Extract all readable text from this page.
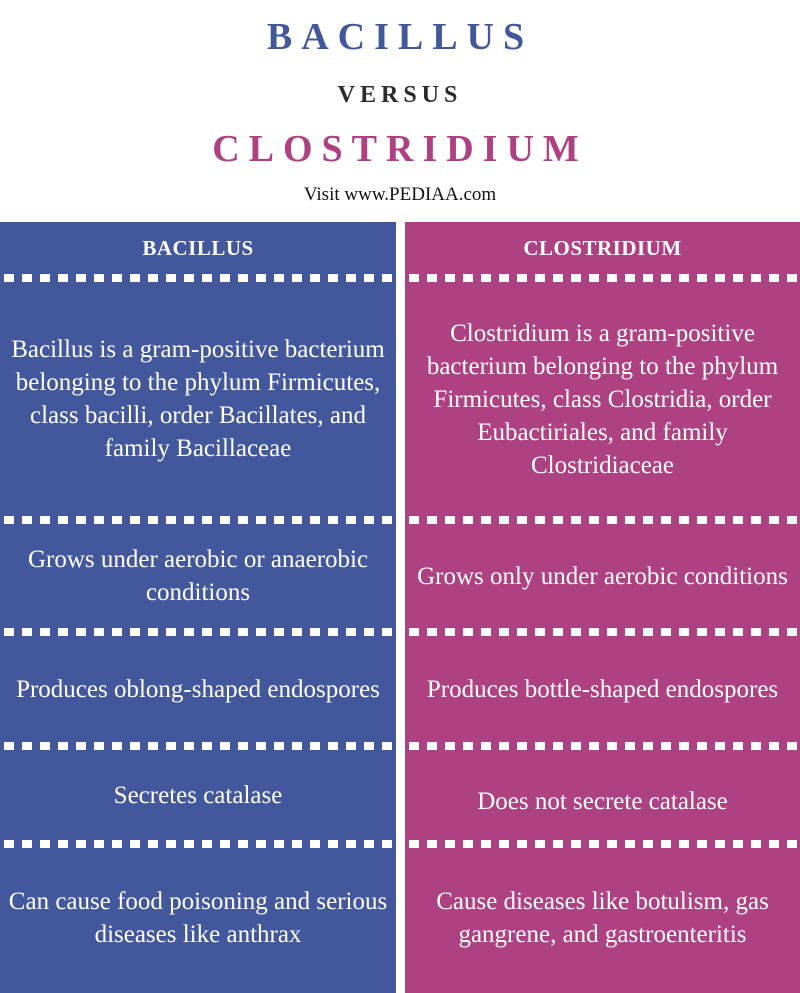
BACILLUS
VERSUS
CLOSTRIDIUM
Visit www.PEDIAA.com
BACILLUS
Bacillus is a gram-positive bacterium belonging to the phylum Firmicutes, class bacilli, order Bacillates, and family Bacillaceae
Grows under aerobic or anaerobic conditions
Produces oblong-shaped endospores
Secretes catalase
Can cause food poisoning and serious diseases like anthrax
CLOSTRIDIUM
Clostridium is a gram-positive bacterium belonging to the phylum Firmicutes, class Clostridia, order Eubactiriales, and family Clostridiaceae
Grows only under aerobic conditions
Produces bottle-shaped endospores
Does not secrete catalase
Cause diseases like botulism, gas gangrene, and gastroenteritis
